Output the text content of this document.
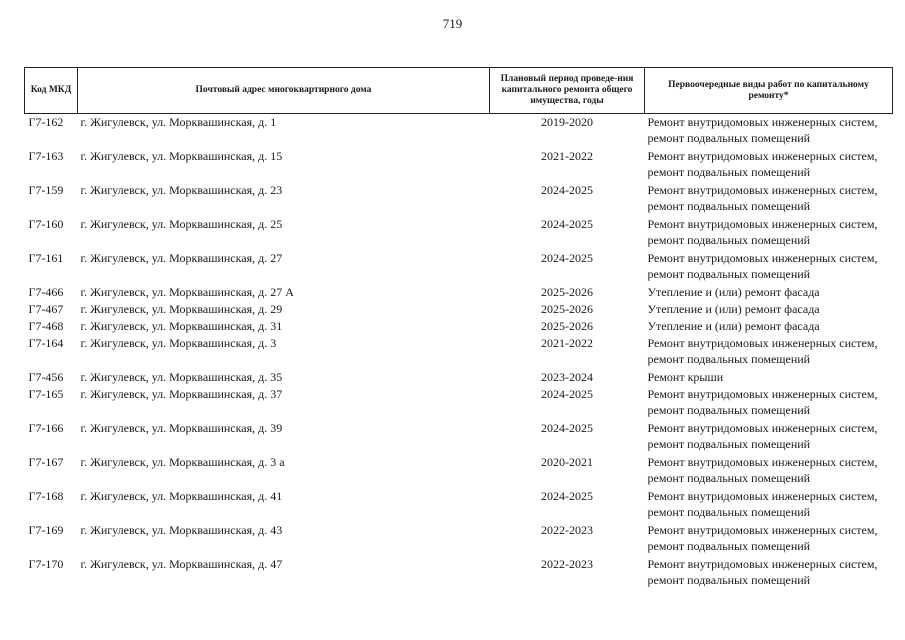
719
Код МКД	Почтовый адрес многоквартирного дома	Плановый период проведе-ния капитального ремонта общего имущества, годы	Первоочередные виды работ по капитальному ремонту*
Г7-162	г. Жигулевск, ул. Морквашинская, д. 1	2019-2020	Ремонт внутридомовых инженерных систем,
ремонт подвальных помещений

Г7-163	г. Жигулевск, ул. Морквашинская, д. 15	2021-2022	Ремонт внутридомовых инженерных систем,
ремонт подвальных помещений

Г7-159	г. Жигулевск, ул. Морквашинская, д. 23	2024-2025	Ремонт внутридомовых инженерных систем,
ремонт подвальных помещений

Г7-160	г. Жигулевск, ул. Морквашинская, д. 25	2024-2025	Ремонт внутридомовых инженерных систем,
ремонт подвальных помещений

Г7-161	г. Жигулевск, ул. Морквашинская, д. 27	2024-2025	Ремонт внутридомовых инженерных систем,
ремонт подвальных помещений

Г7-466	г. Жигулевск, ул. Морквашинская, д. 27 А	2025-2026	Утепление и (или) ремонт фасада

Г7-467	г. Жигулевск, ул. Морквашинская, д. 29	2025-2026	Утепление и (или) ремонт фасада

Г7-468	г. Жигулевск, ул. Морквашинская, д. 31	2025-2026	Утепление и (или) ремонт фасада

Г7-164	г. Жигулевск, ул. Морквашинская, д. 3	2021-2022	Ремонт внутридомовых инженерных систем,
ремонт подвальных помещений

Г7-456	г. Жигулевск, ул. Морквашинская, д. 35	2023-2024	Ремонт крыши

Г7-165	г. Жигулевск, ул. Морквашинская, д. 37	2024-2025	Ремонт внутридомовых инженерных систем,
ремонт подвальных помещений

Г7-166	г. Жигулевск, ул. Морквашинская, д. 39	2024-2025	Ремонт внутридомовых инженерных систем,
ремонт подвальных помещений

Г7-167	г. Жигулевск, ул. Морквашинская, д. 3 а	2020-2021	Ремонт внутридомовых инженерных систем,
ремонт подвальных помещений

Г7-168	г. Жигулевск, ул. Морквашинская, д. 41	2024-2025	Ремонт внутридомовых инженерных систем,
ремонт подвальных помещений

Г7-169	г. Жигулевск, ул. Морквашинская, д. 43	2022-2023	Ремонт внутридомовых инженерных систем,
ремонт подвальных помещений

Г7-170	г. Жигулевск, ул. Морквашинская, д. 47	2022-2023	Ремонт внутридомовых инженерных систем,
ремонт подвальных помещений
